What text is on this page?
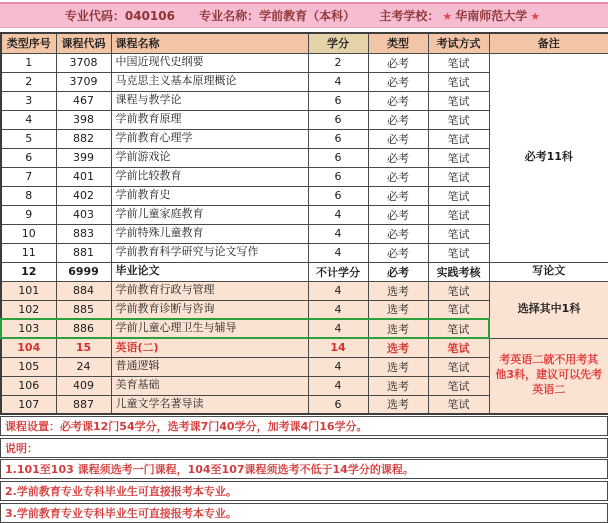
专业代码：040106 专业名称：学前教育（本科） 主考学校： ★ 华南师范大学 ★
类型序号	课程代码	课程名称	学分	类型	考试方式	备注
1	3708	中国近现代史纲要	2	必考	笔试	必考11科
2	3709	马克思主义基本原理概论	4	必考	笔试	
3	467	课程与教学论	6	必考	笔试	
4	398	学前教育原理	6	必考	笔试	
5	882	学前教育心理学	6	必考	笔试	
6	399	学前游戏论	6	必考	笔试	
7	401	学前比较教育	6	必考	笔试	
8	402	学前教育史	6	必考	笔试	
9	403	学前儿童家庭教育	4	必考	笔试	
10	883	学前特殊儿童教育	4	必考	笔试	
11	881	学前教育科学研究与论文写作	4	必考	笔试	
12	6999	毕业论文	不计学分	必考	实践考核	写论文
101	884	学前教育行政与管理	4	选考	笔试	选择其中1科
102	885	学前教育诊断与咨询	4	选考	笔试	
103	886	学前儿童心理卫生与辅导	4	选考	笔试	
104	15	英语(二)	14	选考	笔试	考英语二就不用考其他3科，建议可以先考英语二
105	24	普通逻辑	4	选考	笔试	
106	409	美育基础	4	选考	笔试	
107	887	儿童文学名著导读	6	选考	笔试	
课程设置：必考课12门54学分，选考课7门40学分，加考课4门16学分。
说明：
1.101至103 课程须选考一门课程，104至107课程须选考不低于14学分的课程。
2.学前教育专业专科毕业生可直接报考本专业。
3.学前教育专业专科毕业生可直接报考本专业。
